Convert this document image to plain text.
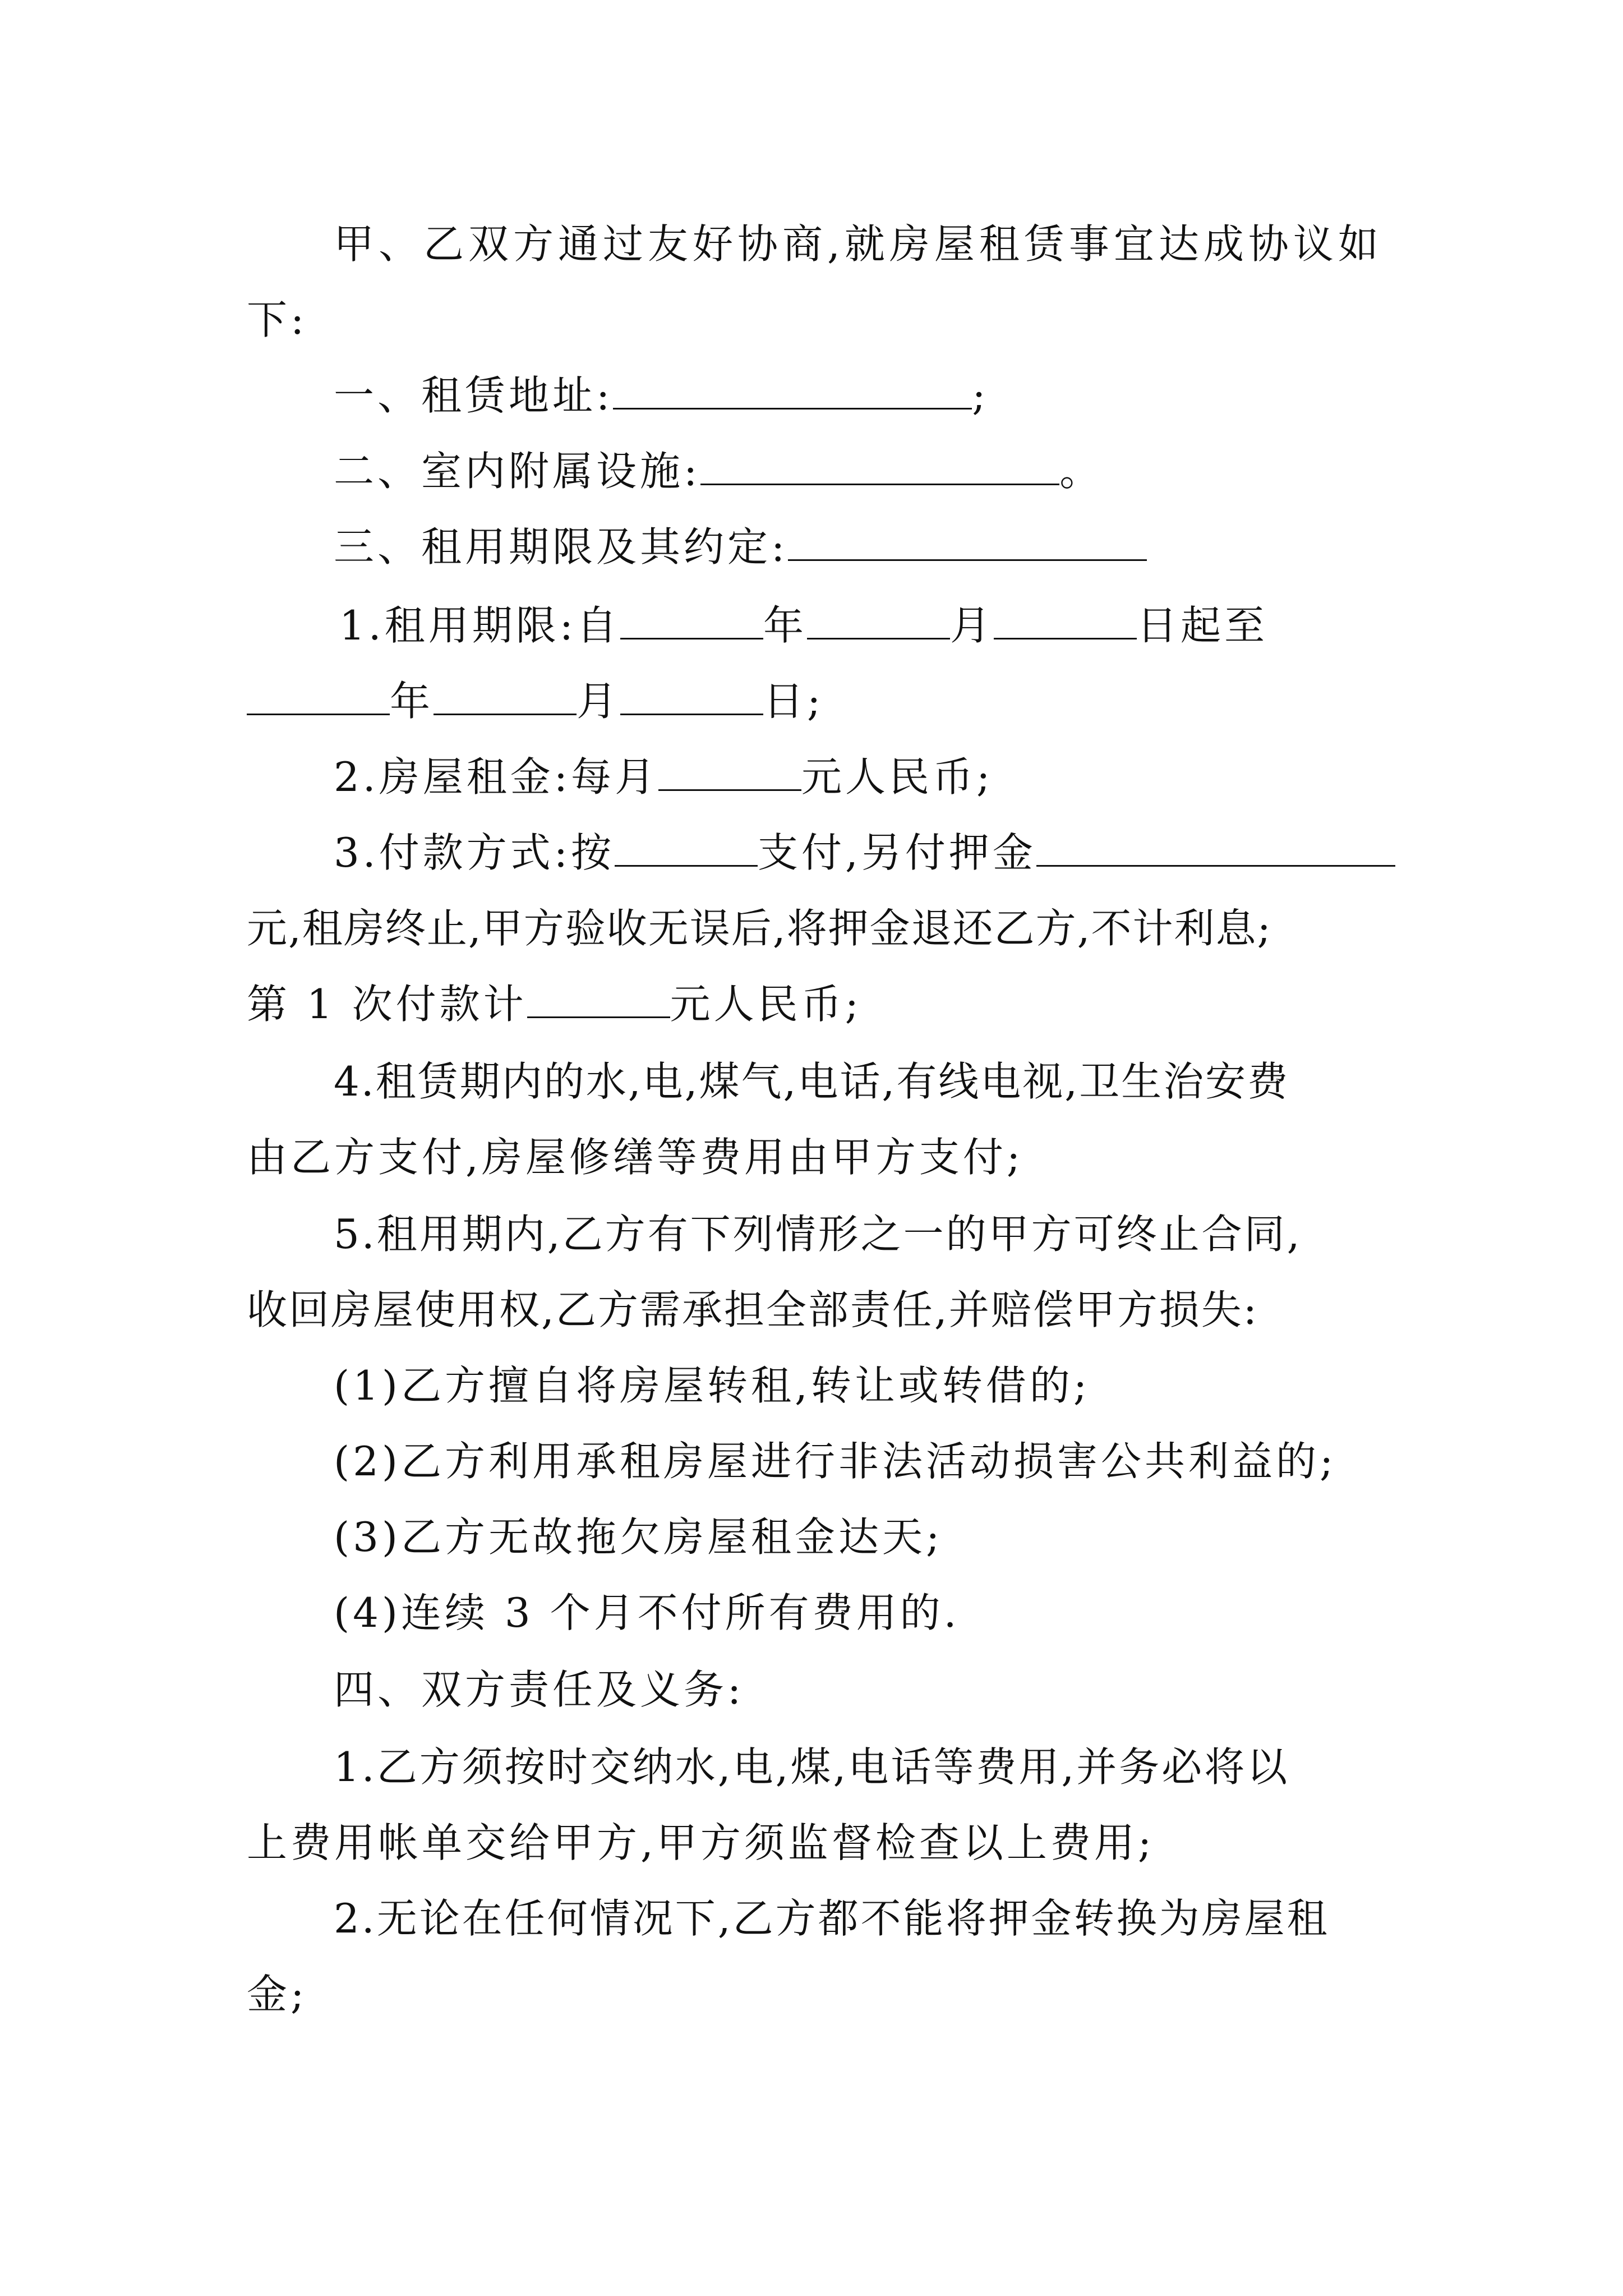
甲、乙双方通过友好协商,就房屋租赁事宜达成协议如
下:
一、租赁地址:	;
二、室内附属设施:	。
三、租用期限及其约定:
1.租用期限:自	年	月	日起至
年	月	日;
2.房屋租金:每月	元人民币;
3.付款方式:按	支付,另付押金
元,租房终止,甲方验收无误后,将押金退还乙方,不计利息;
第 1 次付款计	元人民币;
4.租赁期内的水,电,煤气,电话,有线电视,卫生治安费
由乙方支付,房屋修缮等费用由甲方支付;
5.租用期内,乙方有下列情形之一的甲方可终止合同,
收回房屋使用权,乙方需承担全部责任,并赔偿甲方损失:
(1)乙方擅自将房屋转租,转让或转借的;
(2)乙方利用承租房屋进行非法活动损害公共利益的;
(3)乙方无故拖欠房屋租金达天;
(4)连续 3 个月不付所有费用的.
四、双方责任及义务:
1.乙方须按时交纳水,电,煤,电话等费用,并务必将以
上费用帐单交给甲方,甲方须监督检查以上费用;
2.无论在任何情况下,乙方都不能将押金转换为房屋租
金;
